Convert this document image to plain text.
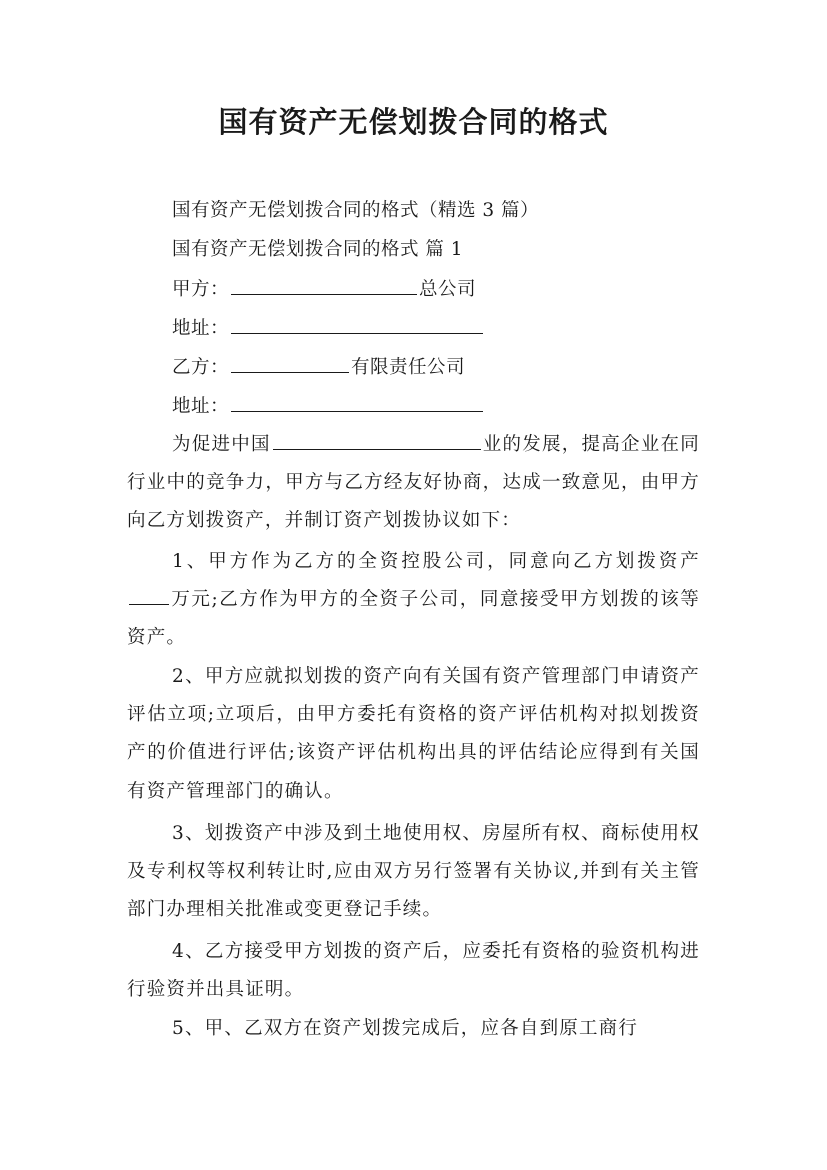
国有资产无偿划拨合同的格式
国有资产无偿划拨合同的格式（精选 3 篇）
国有资产无偿划拨合同的格式 篇 1
甲方：	总公司
地址：
乙方：	有限责任公司
地址：

为促进中国	业的发展，提高企业在同行业中的竞争力，甲方与乙方经友好协商，达成一致意见，由甲方向乙方划拨资产，并制订资产划拨协议如下：

1、甲方作为乙方的全资控股公司，同意向乙方划拨资产万元;乙方作为甲方的全资子公司，同意接受甲方划拨的该等资产。

2、甲方应就拟划拨的资产向有关国有资产管理部门申请资产评估立项;立项后，由甲方委托有资格的资产评估机构对拟划拨资产的价值进行评估;该资产评估机构出具的评估结论应得到有关国有资产管理部门的确认。

3、划拨资产中涉及到土地使用权、房屋所有权、商标使用权及专利权等权利转让时,应由双方另行签署有关协议,并到有关主管部门办理相关批准或变更登记手续。

4、乙方接受甲方划拨的资产后，应委托有资格的验资机构进行验资并出具证明。

5、甲、乙双方在资产划拨完成后，应各自到原工商行
